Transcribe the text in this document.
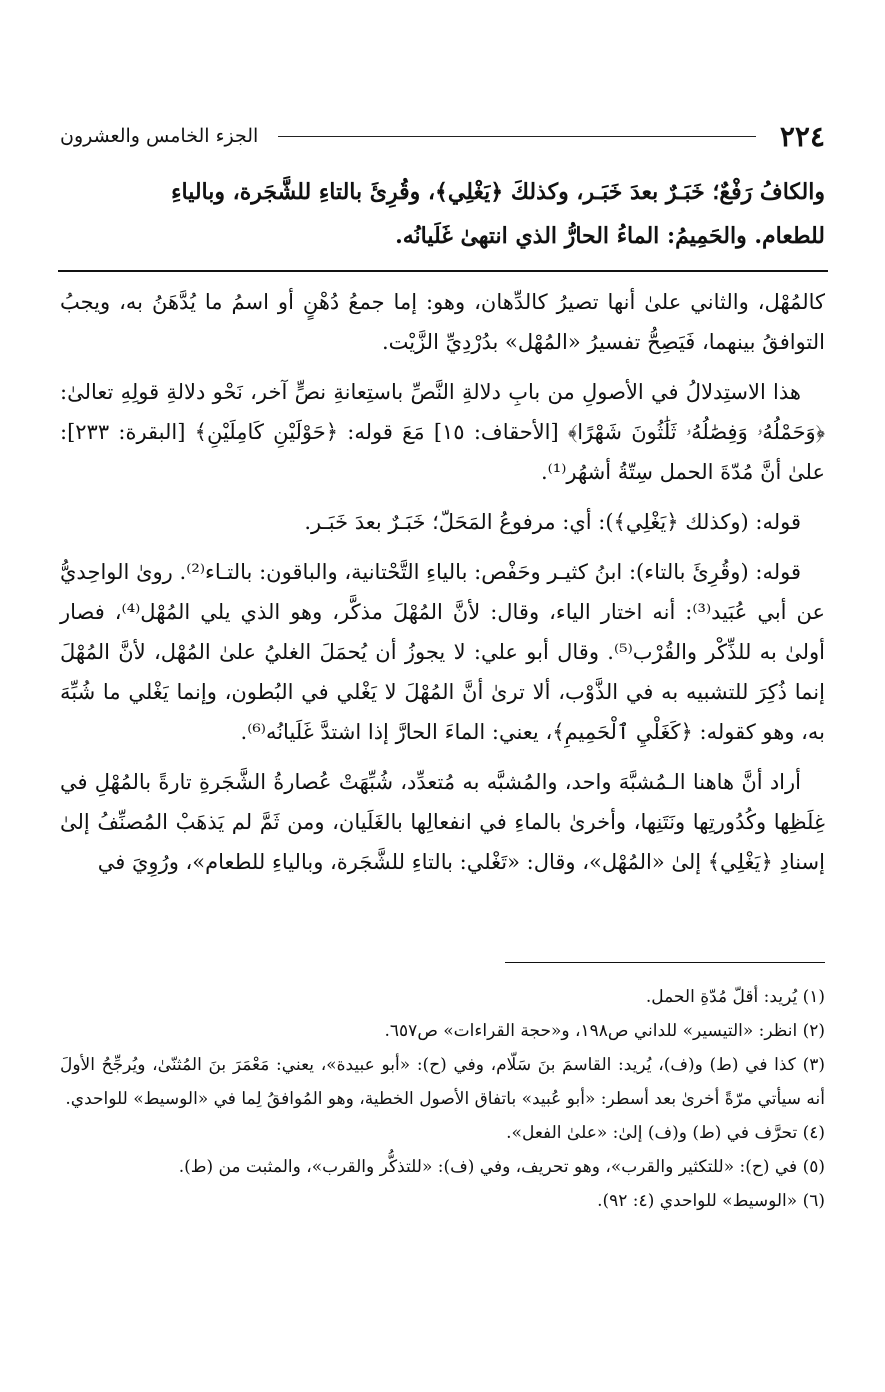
٢٢٤
الجزء الخامس والعشرون
والكافُ رَفْعٌ؛ خَبَـرٌ بعدَ خَبَـر، وكذلكَ ﴿يَغْلِي﴾، وقُرِئَ بالتاءِ للشَّجَرة، وبالياءِ
للطعام. والحَمِيمُ: الماءُ الحارُّ الذي انتهىٰ غَلَيانُه.

كالمُهْل، والثاني علىٰ أنها تصيرُ كالدِّهان، وهو: إما جمعُ دُهْنٍ أو اسمُ ما يُدَّهَنُ به، ويجبُ التوافقُ بينهما، فَيَصِحُّ تفسيرُ «المُهْل» بدُرْدِيِّ الزَّيْت.

هذا الاستِدلالُ في الأصولِ من بابِ دلالةِ النَّصِّ باستِعانةِ نصٍّ آخر، نَحْو دلالةِ قولِهِ تعالىٰ: ﴿وَحَمْلُهُۥ وَفِصَٰلُهُۥ ثَلَٰثُونَ شَهْرًا﴾ [الأحقاف: ١٥] مَعَ قوله: ﴿حَوْلَيْنِ كَامِلَيْنِ﴾ [البقرة: ٢٣٣]: علىٰ أنَّ مُدّةَ الحمل سِتّةُ أشهُر⁽¹⁾.

قوله: (وكذلك ﴿يَغْلِي﴾): أي: مرفوعُ المَحَلّ؛ خَبَـرٌ بعدَ خَبَـر.

قوله: (وقُرِئَ بالتاء): ابنُ كثيـر وحَفْص: بالياءِ التَّحْتانية، والباقون: بالتـاء⁽²⁾. روىٰ الواحِديُّ عن أبي عُبَيد⁽³⁾: أنه اختار الياء، وقال: لأنَّ المُهْلَ مذكَّر، وهو الذي يلي المُهْل⁽⁴⁾، فصار أولىٰ به للذِّكْر والقُرْب⁽⁵⁾. وقال أبو علي: لا يجوزُ أن يُحمَلَ الغليُ علىٰ المُهْل، لأنَّ المُهْلَ إنما ذُكِرَ للتشبيه به في الذَّوْب، ألا ترىٰ أنَّ المُهْلَ لا يَغْلي في البُطون، وإنما يَغْلي ما شُبِّهَ به، وهو كقوله: ﴿كَغَلْيِ ٱلْحَمِيمِ﴾، يعني: الماءَ الحارَّ إذا اشتدَّ غَلَيانُه⁽⁶⁾.

أراد أنَّ هاهنا الـمُشبَّهَ واحد، والمُشبَّه به مُتعدِّد، شُبِّهَتْ عُصارةُ الشَّجَرةِ تارةً بالمُهْلِ في غِلَظِها وكُدُورتِها ونَتَنِها، وأخرىٰ بالماءِ في انفعالِها بالغَلَيان، ومن ثَمَّ لم يَذهَبْ المُصنِّفُ إلىٰ إسنادِ ﴿يَغْلِي﴾ إلىٰ «المُهْل»، وقال: «تَغْلي: بالتاءِ للشَّجَرة، وبالياءِ للطعام»، ورُوِيَ في

(١) يُريد: أقلّ مُدّةِ الحمل.
(٢) انظر: «التيسير» للداني ص١٩٨، و«حجة القراءات» ص٦٥٧.
(٣) كذا في (ط) و(ف)، يُريد: القاسمَ بنَ سَلّام، وفي (ح): «أبو عبيدة»، يعني: مَعْمَرَ بنَ المُثنّىٰ، ويُرجِّحُ الأولَ أنه سيأتي مرّةً أخرىٰ بعد أسطر: «أبو عُبيد» باتفاق الأصول الخطية، وهو المُوافقُ لِما في «الوسيط» للواحدي.
(٤) تحرَّف في (ط) و(ف) إلىٰ: «علىٰ الفعل».
(٥) في (ح): «للتكثير والقرب»، وهو تحريف، وفي (ف): «للتذكُّر والقرب»، والمثبت من (ط).
(٦) «الوسيط» للواحدي (٤: ٩٢).
